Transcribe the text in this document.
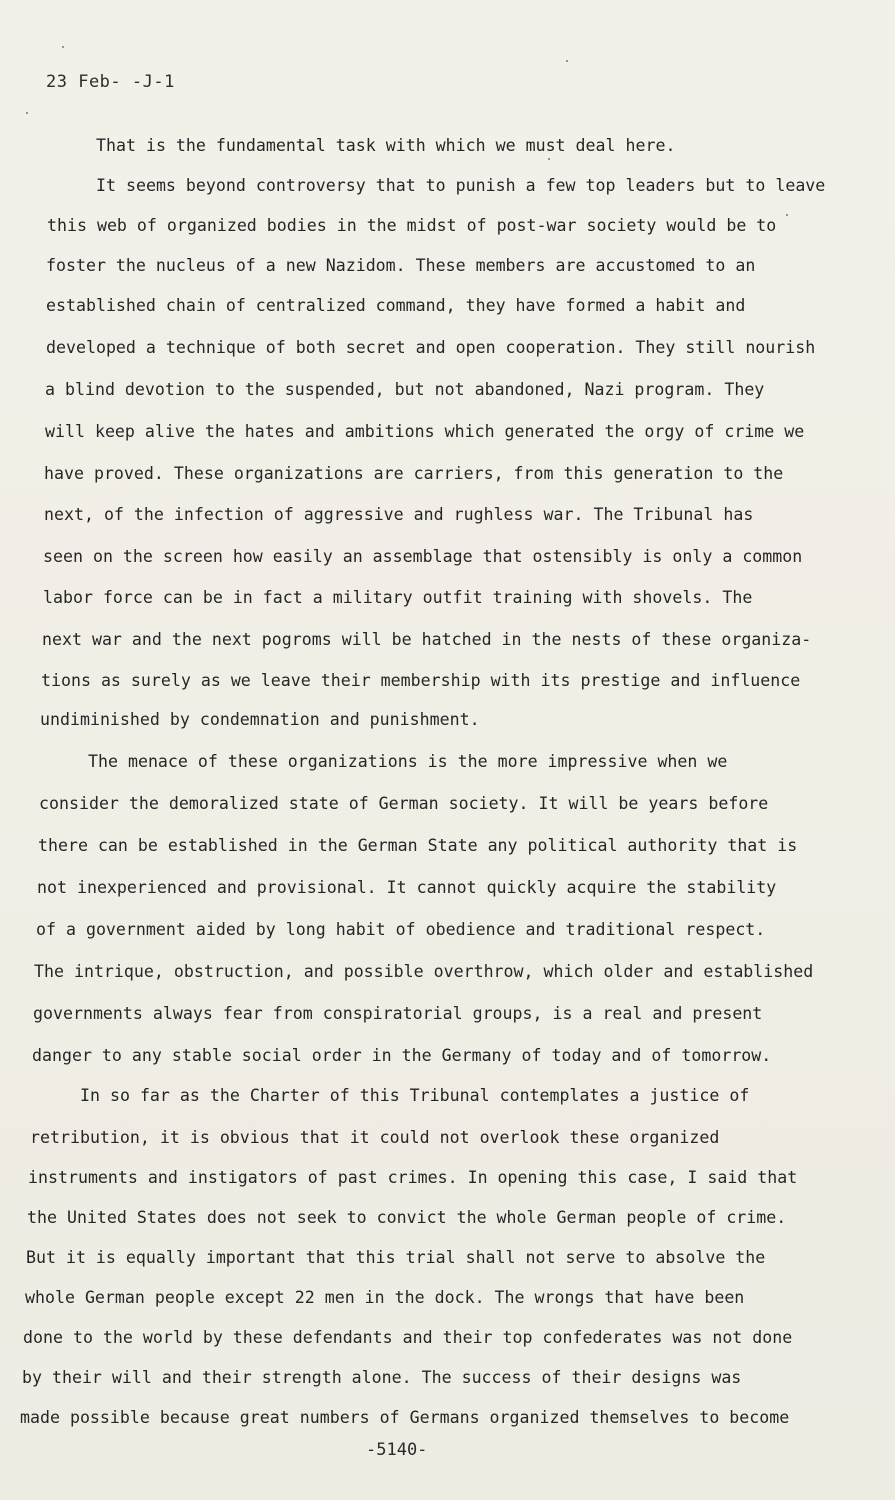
23 Feb- -J-1
That is the fundamental task with which we must deal here.
It seems beyond controversy that to punish a few top leaders but to leave
this web of organized bodies in the midst of post-war society would be to
foster the nucleus of a new Nazidom. These members are accustomed to an
established chain of centralized command, they have formed a habit and
developed a technique of both secret and open cooperation. They still nourish
a blind devotion to the suspended, but not abandoned, Nazi program. They
will keep alive the hates and ambitions which generated the orgy of crime we
have proved. These organizations are carriers, from this generation to the
next, of the infection of aggressive and rughless war. The Tribunal has
seen on the screen how easily an assemblage that ostensibly is only a common
labor force can be in fact a military outfit training with shovels. The
next war and the next pogroms will be hatched in the nests of these organiza-
tions as surely as we leave their membership with its prestige and influence
undiminished by condemnation and punishment.
The menace of these organizations is the more impressive when we
consider the demoralized state of German society. It will be years before
there can be established in the German State any political authority that is
not inexperienced and provisional. It cannot quickly acquire the stability
of a government aided by long habit of obedience and traditional respect.
The intrique, obstruction, and possible overthrow, which older and established
governments always fear from conspiratorial groups, is a real and present
danger to any stable social order in the Germany of today and of tomorrow.
In so far as the Charter of this Tribunal contemplates a justice of
retribution, it is obvious that it could not overlook these organized
instruments and instigators of past crimes. In opening this case, I said that
the United States does not seek to convict the whole German people of crime.
But it is equally important that this trial shall not serve to absolve the
whole German people except 22 men in the dock. The wrongs that have been
done to the world by these defendants and their top confederates was not done
by their will and their strength alone. The success of their designs was
made possible because great numbers of Germans organized themselves to become
-5140-
